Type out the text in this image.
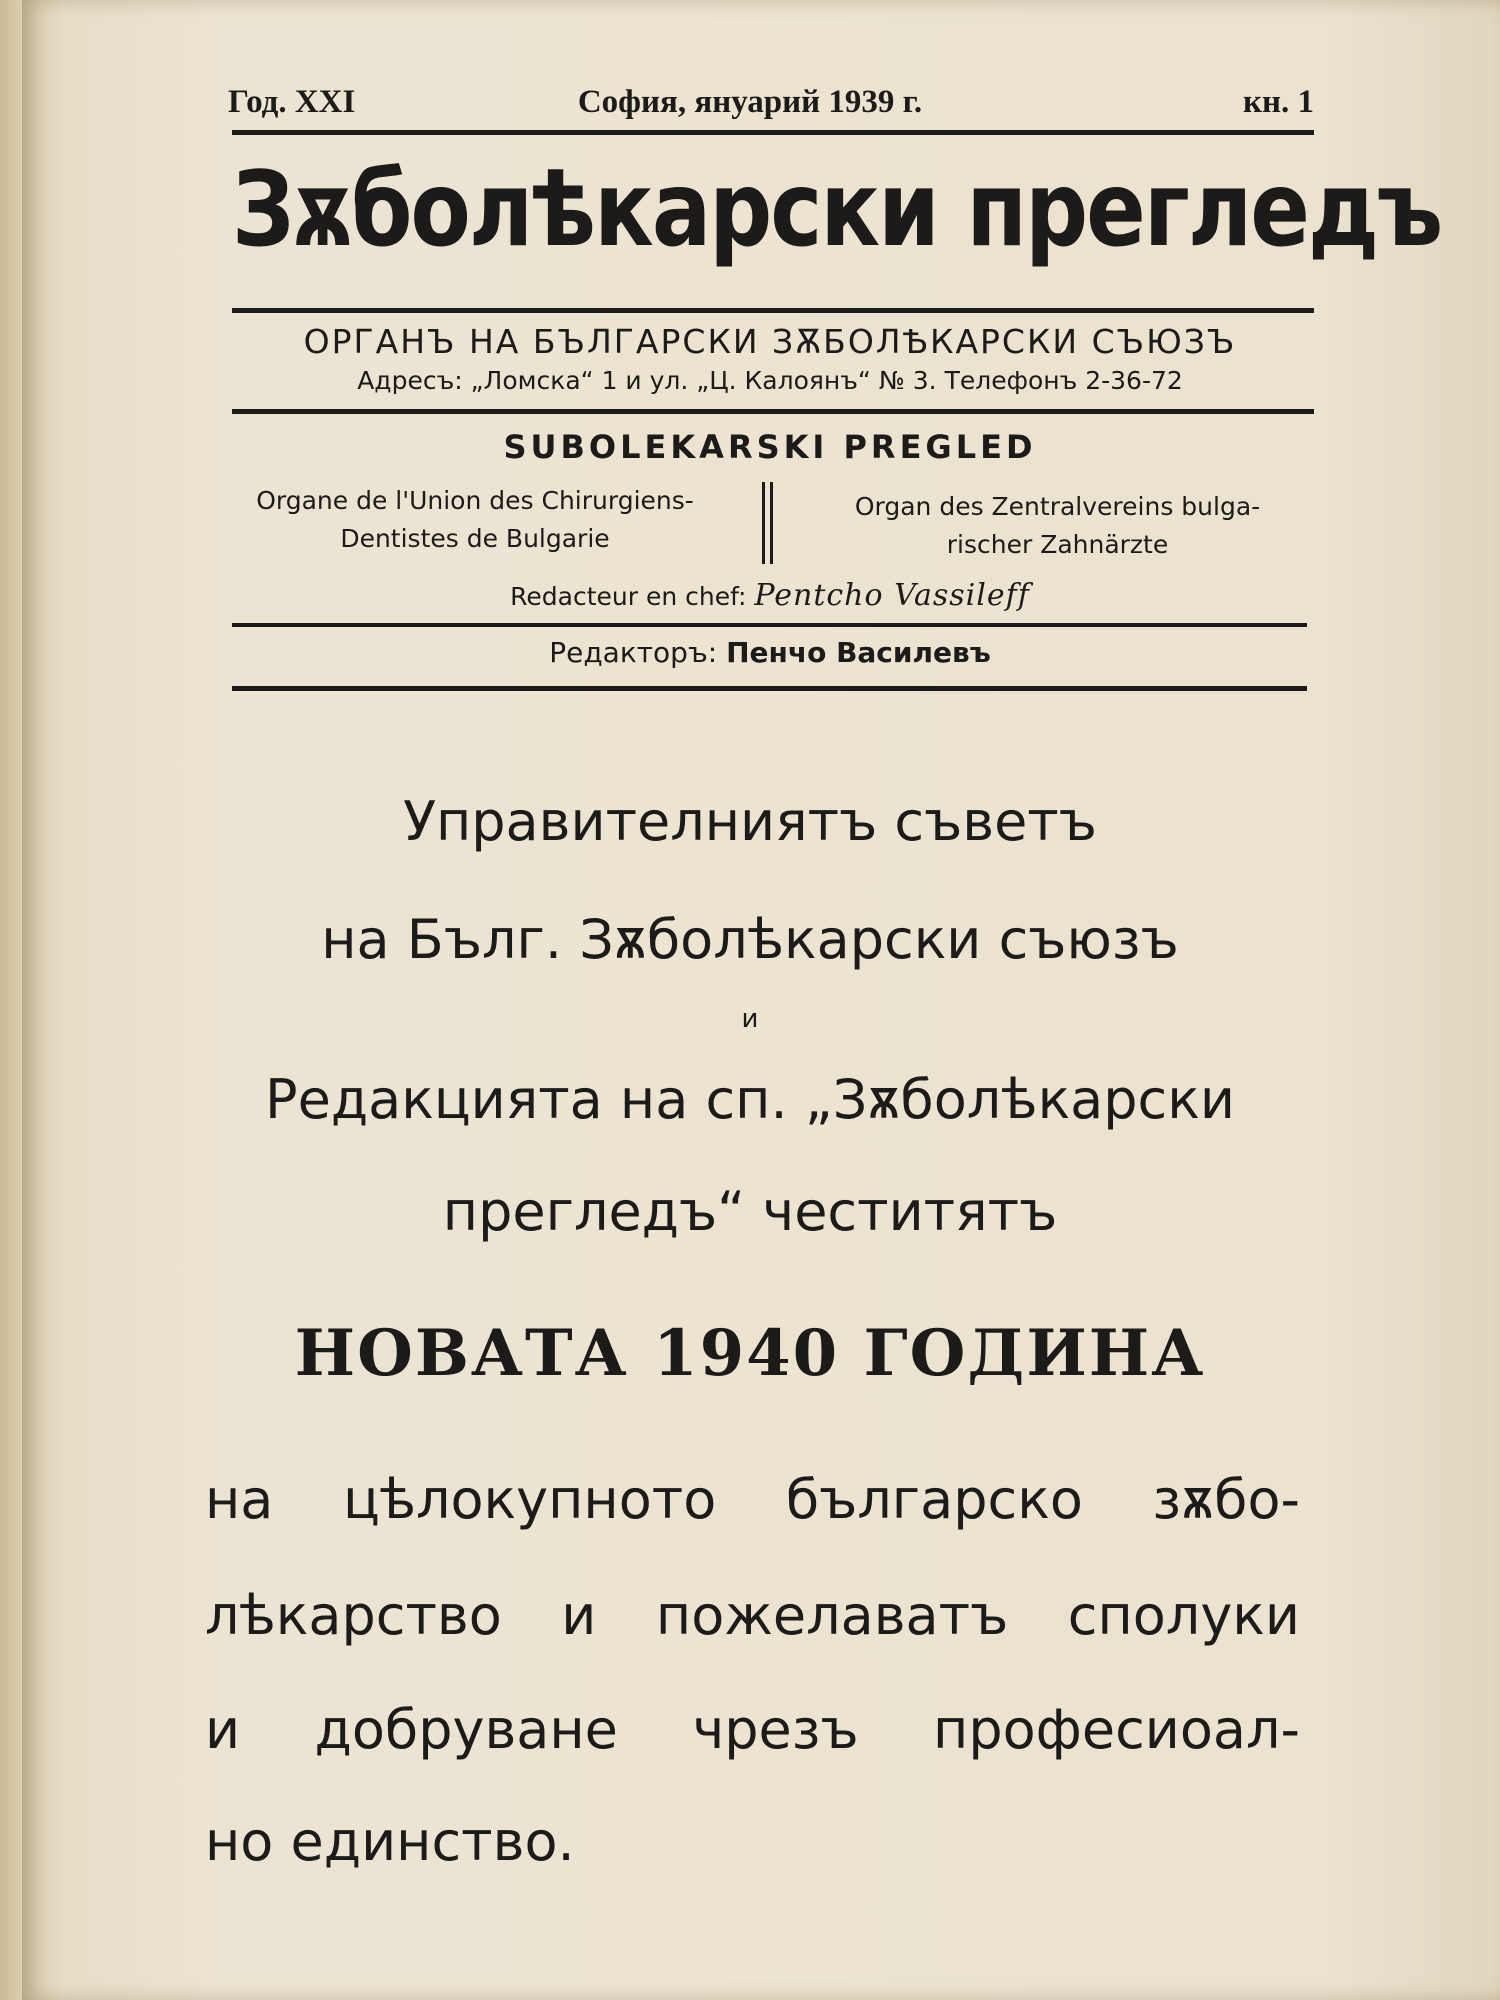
Год. XXI	София, януарий 1939 г.	кн. 1
Зѫболѣкарски прегледъ
ОРГАНЪ НА БЪЛГАРСКИ ЗѪБОЛѢКАРСКИ СЪЮЗЪ
Адресъ: „Ломска“ 1 и ул. „Ц. Калоянъ“ № 3. Телефонъ 2-36-72
SUBOLEKARSKI PREGLED
Organe de l'Union des Chirurgiens-
Dentistes de Bulgarie
Organ des Zentralvereins bulga-
rischer Zahnärzte
Redacteur en chef: Pentcho Vassileff
Редакторъ: Пенчо Василевъ
Управителниятъ съветъ
на Бълг. Зѫболѣкарски съюзъ
и
Редакцията на сп. „Зѫболѣкарски
прегледъ“ честитятъ
НОВАТА 1940 ГОДИНА
на цѣлокупното българско зѫбо-
лѣкарство и пожелаватъ сполуки
и добруване чрезъ професиоал-
но единство.
